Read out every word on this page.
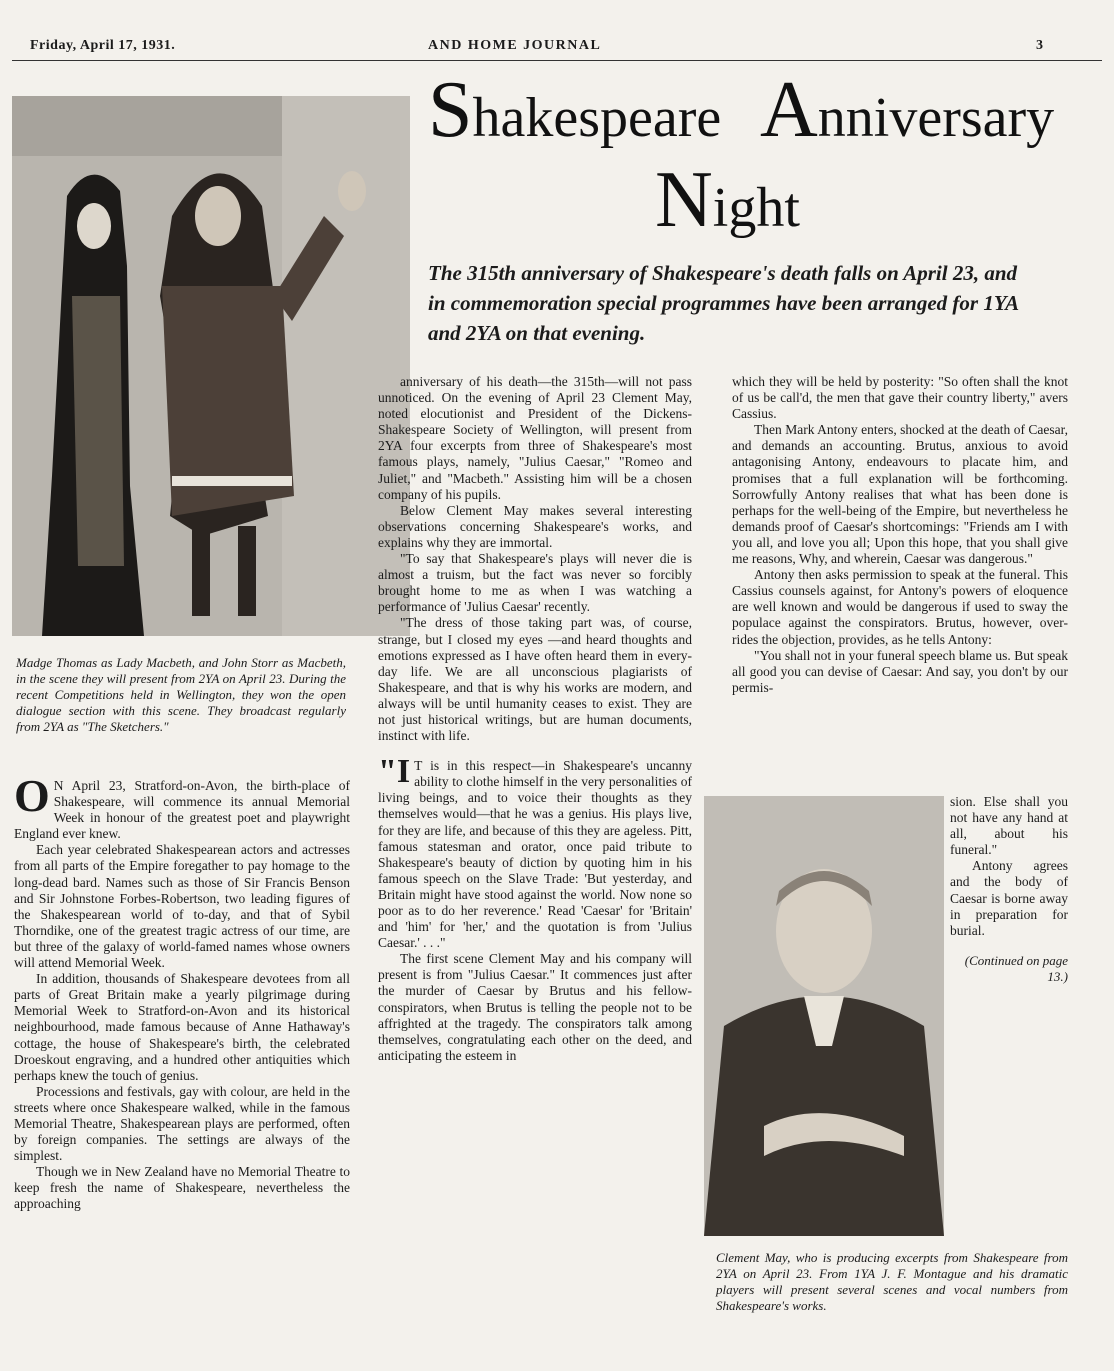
Friday, April 17, 1931.	AND HOME JOURNAL	3
Madge Thomas as Lady Macbeth, and John Storr as Macbeth, in the scene they will present from 2YA on April 23. During the recent Competitions held in Wellington, they won the open dialogue section with this scene. They broadcast regularly from 2YA as "The Sketchers."
Shakespeare Anniversary
Night
The 315th anniversary of Shakespeare's death falls on April 23, and in commemoration special programmes have been arranged for 1YA and 2YA on that evening.

O N April 23, Stratford-on-Avon, the birth-place of Shakespeare, will commence its annual Memorial Week in honour of the greatest poet and playwright England ever knew.

Each year celebrated Shakespearean actors and actresses from all parts of the Empire foregather to pay homage to the long-dead bard. Names such as those of Sir Francis Benson and Sir Johnstone Forbes-Robertson, two leading figures of the Shakespearean world of to-day, and that of Sybil Thorndike, one of the greatest tragic actress of our time, are but three of the galaxy of world-famed names whose owners will attend Memorial Week.

In addition, thousands of Shakespeare devotees from all parts of Great Britain make a yearly pilgrimage during Memorial Week to Stratford-on-Avon and its historical neighbourhood, made famous because of Anne Hathaway's cottage, the house of Shakespeare's birth, the celebrated Droeskout engraving, and a hundred other antiquities which perhaps knew the touch of genius.

Processions and festivals, gay with colour, are held in the streets where once Shakespeare walked, while in the famous Memorial Theatre, Shakespearean plays are performed, often by foreign companies. The settings are always of the simplest.

Though we in New Zealand have no Memorial Theatre to keep fresh the name of Shakespeare, nevertheless the approaching

anniversary of his death—the 315th—will not pass unnoticed. On the evening of April 23 Clement May, noted elocutionist and President of the Dickens-Shakespeare Society of Wellington, will present from 2YA four excerpts from three of Shakespeare's most famous plays, namely, "Julius Caesar," "Romeo and Juliet," and "Macbeth." Assisting him will be a chosen company of his pupils.

Below Clement May makes several interesting observations concerning Shakespeare's works, and explains why they are immortal.

"To say that Shakespeare's plays will never die is almost a truism, but the fact was never so forcibly brought home to me as when I was watching a performance of 'Julius Caesar' recently.

"The dress of those taking part was, of course, strange, but I closed my eyes —and heard thoughts and emotions expressed as I have often heard them in every-day life. We are all unconscious plagiarists of Shakespeare, and that is why his works are modern, and always will be until humanity ceases to exist. They are not just historical writings, but are human documents, instinct with life.

"I T is in this respect—in Shakespeare's uncanny ability to clothe himself in the very personalities of living beings, and to voice their thoughts as they themselves would—that he was a genius. His plays live, for they are life, and because of this they are ageless. Pitt, famous statesman and orator, once paid tribute to Shakespeare's beauty of diction by quoting him in his famous speech on the Slave Trade: 'But yesterday, and Britain might have stood against the world. Now none so poor as to do her reverence.' Read 'Caesar' for 'Britain' and 'him' for 'her,' and the quotation is from 'Julius Caesar.' . . ."

The first scene Clement May and his company will present is from "Julius Caesar." It commences just after the murder of Caesar by Brutus and his fellow-conspirators, when Brutus is telling the people not to be affrighted at the tragedy. The conspirators talk among themselves, congratulating each other on the deed, and anticipating the esteem in

which they will be held by posterity: "So often shall the knot of us be call'd, the men that gave their country liberty," avers Cassius.

Then Mark Antony enters, shocked at the death of Caesar, and demands an accounting. Brutus, anxious to avoid antagonising Antony, endeavours to placate him, and promises that a full explanation will be forthcoming. Sorrowfully Antony realises that what has been done is perhaps for the well-being of the Empire, but nevertheless he demands proof of Caesar's shortcomings: "Friends am I with you all, and love you all; Upon this hope, that you shall give me reasons, Why, and wherein, Caesar was dangerous."

Antony then asks permission to speak at the funeral. This Cassius counsels against, for Antony's powers of eloquence are well known and would be dangerous if used to sway the populace against the conspirators. Brutus, however, over-rides the objection, provides, as he tells Antony:

"You shall not in your funeral speech blame us. But speak all good you can devise of Caesar: And say, you don't by our permis-

sion. Else shall you not have any hand at all, about his funeral."

Antony agrees and the body of Caesar is borne away in preparation for burial.

(Continued on page 13.)
Clement May, who is producing excerpts from Shakespeare from 2YA on April 23. From 1YA J. F. Montague and his dramatic players will present several scenes and vocal numbers from Shakespeare's works.
